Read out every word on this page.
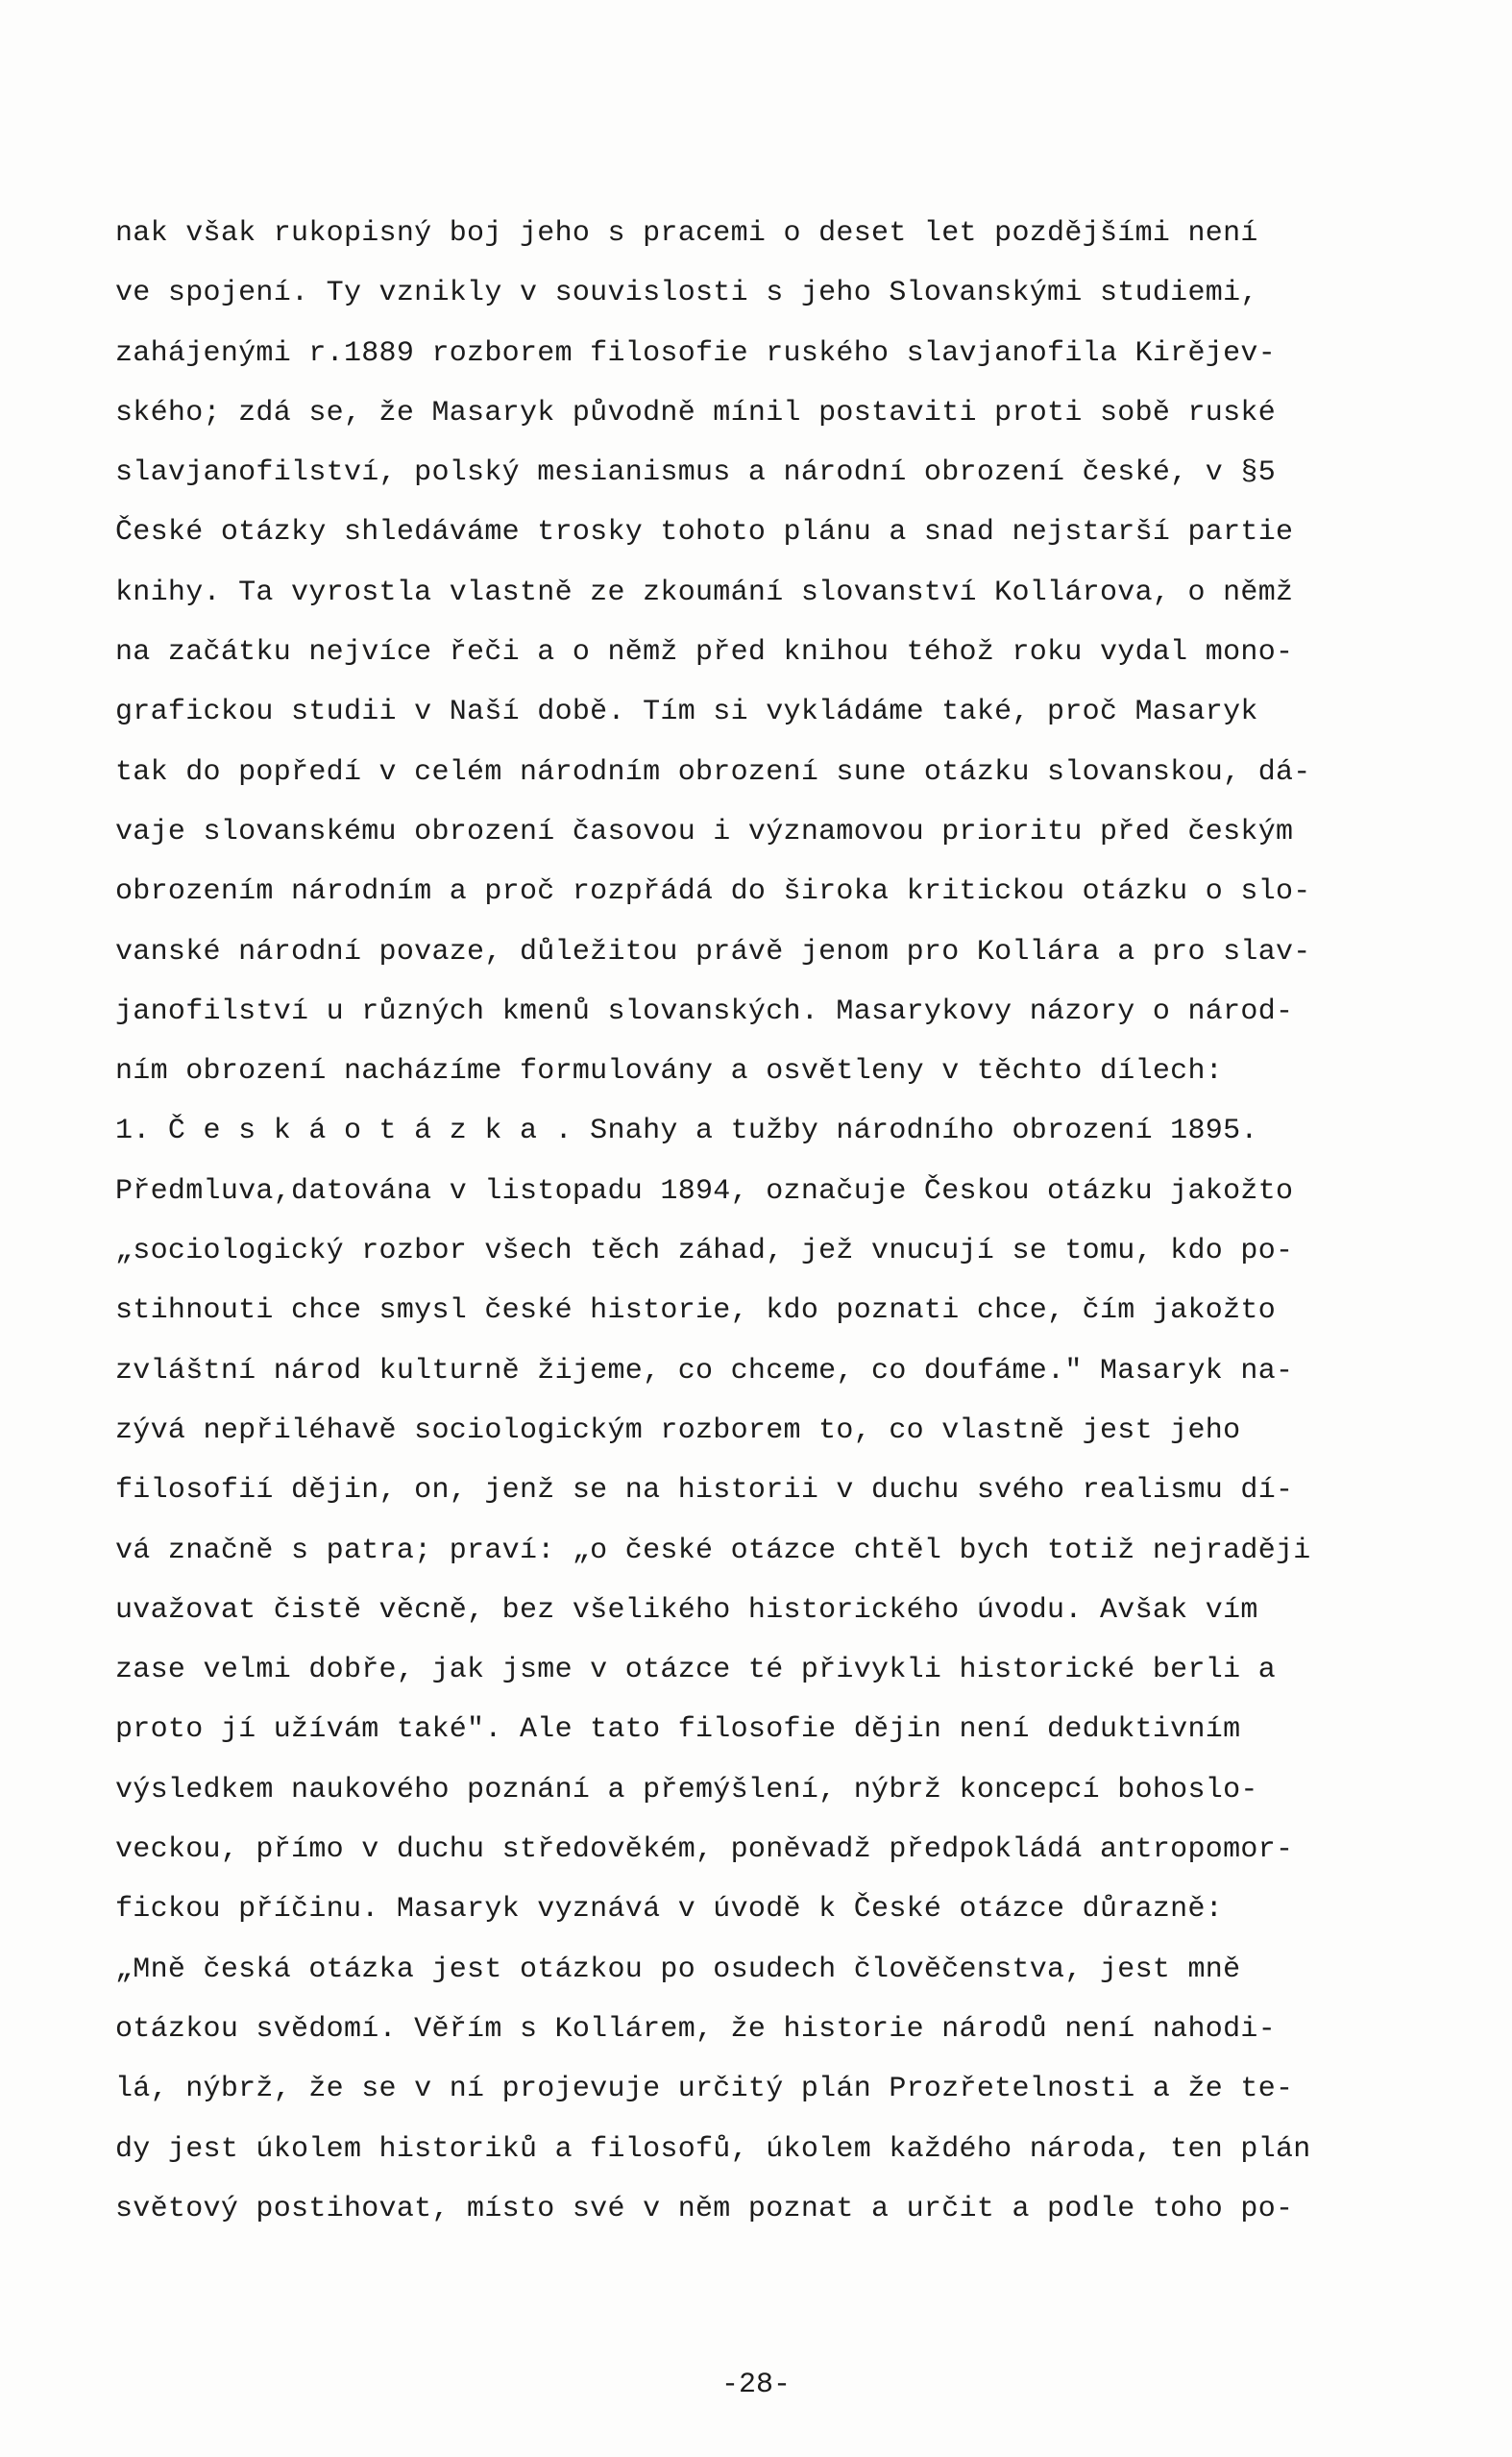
nak však rukopisný boj jeho s pracemi o deset let pozdějšími není
ve spojení. Ty vznikly v souvislosti s jeho Slovanskými studiemi,
zahájenými r.1889 rozborem filosofie ruského slavjanofila Kirějev-
ského; zdá se, že Masaryk původně mínil postaviti proti sobě ruské
slavjanofilství, polský mesianismus a národní obrození české, v §5
České otázky shledáváme trosky tohoto plánu a snad nejstarší partie
knihy. Ta vyrostla vlastně ze zkoumání slovanství Kollárova, o němž
na začátku nejvíce řeči a o němž před knihou téhož roku vydal mono-
grafickou studii v Naší době. Tím si vykládáme také, proč Masaryk
tak do popředí v celém národním obrození sune otázku slovanskou, dá-
vaje slovanskému obrození časovou i významovou prioritu před českým
obrozením národním a proč rozpřádá do široka kritickou otázku o slo-
vanské národní povaze, důležitou právě jenom pro Kollára a pro slav-
janofilství u různých kmenů slovanských. Masarykovy názory o národ-
ním obrození nacházíme formulovány a osvětleny v těchto dílech:
1. Č e s k á o t á z k a . Snahy a tužby národního obrození 1895.
Předmluva,datována v listopadu 1894, označuje Českou otázku jakožto
„sociologický rozbor všech těch záhad, jež vnucují se tomu, kdo po-
stihnouti chce smysl české historie, kdo poznati chce, čím jakožto
zvláštní národ kulturně žijeme, co chceme, co doufáme." Masaryk na-
zývá nepřiléhavě sociologickým rozborem to, co vlastně jest jeho
filosofií dějin, on, jenž se na historii v duchu svého realismu dí-
vá značně s patra; praví: „o české otázce chtěl bych totiž nejraději
uvažovat čistě věcně, bez všelikého historického úvodu. Avšak vím
zase velmi dobře, jak jsme v otázce té přivykli historické berli a
proto jí užívám také". Ale tato filosofie dějin není deduktivním
výsledkem naukového poznání a přemýšlení, nýbrž koncepcí bohoslo-
veckou, přímo v duchu středověkém, poněvadž předpokládá antropomor-
fickou příčinu. Masaryk vyznává v úvodě k České otázce důrazně:
„Mně česká otázka jest otázkou po osudech člověčenstva, jest mně
otázkou svědomí. Věřím s Kollárem, že historie národů není nahodi-
lá, nýbrž, že se v ní projevuje určitý plán Prozřetelnosti a že te-
dy jest úkolem historiků a filosofů, úkolem každého národa, ten plán
světový postihovat, místo své v něm poznat a určit a podle toho po-
-28-
